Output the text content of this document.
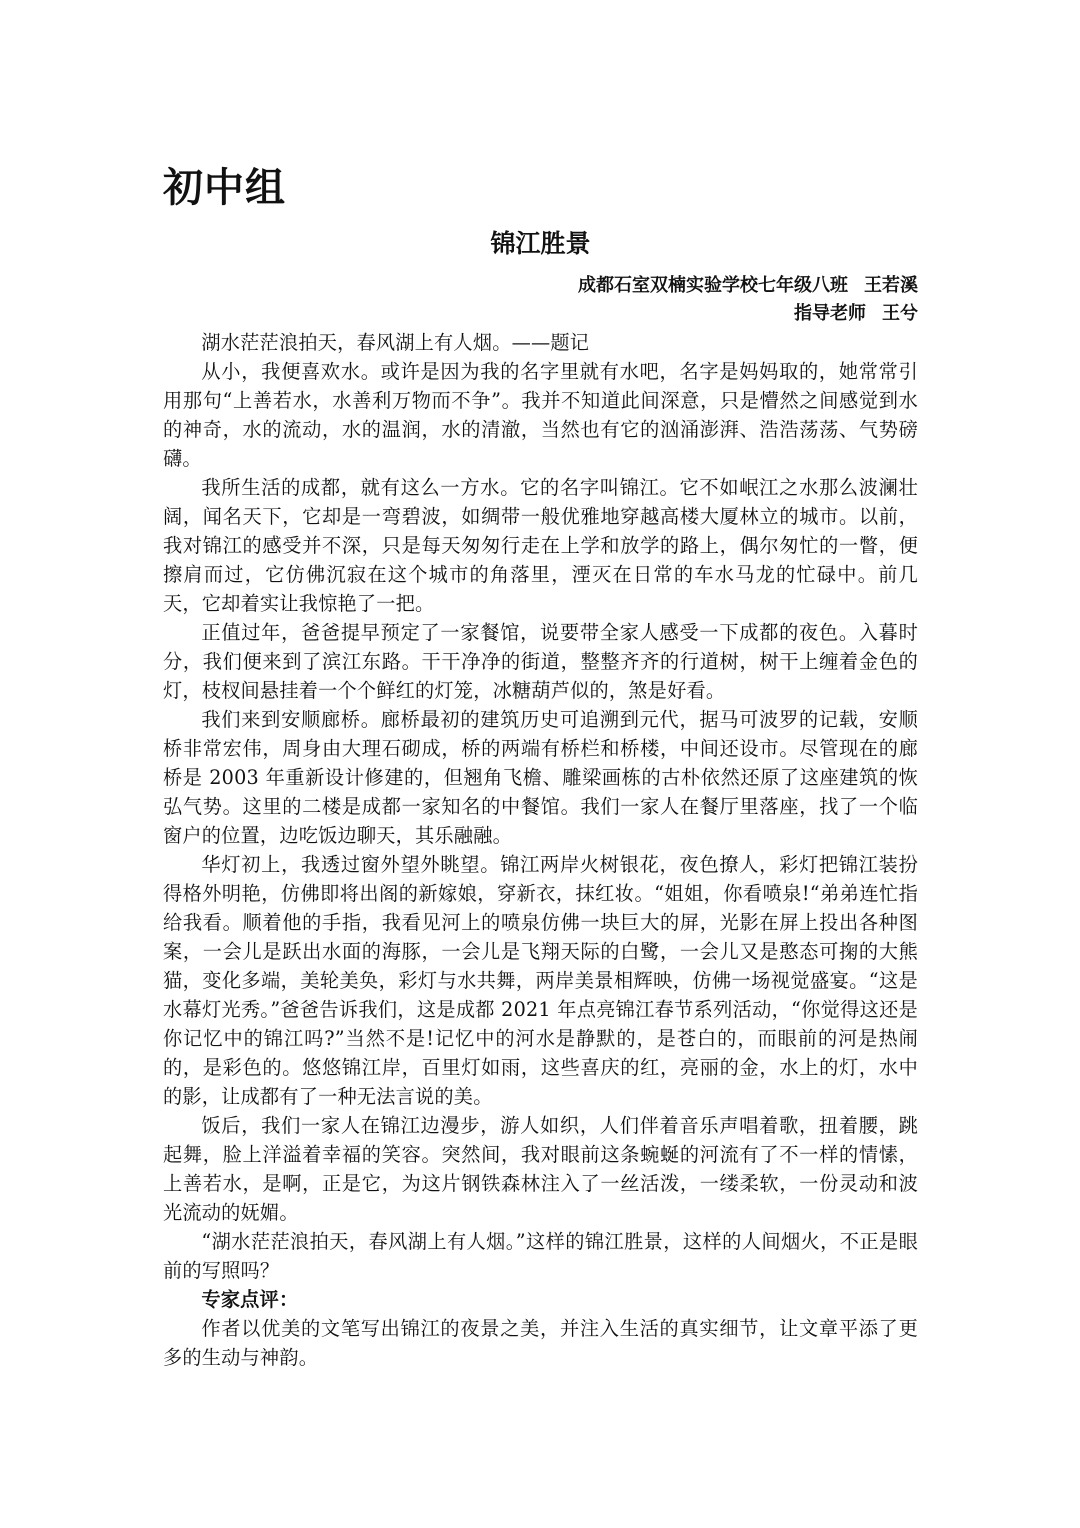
初中组
锦江胜景
成都石室双楠实验学校七年级八班 王若溪
指导老师 王兮

湖水茫茫浪拍天，春风湖上有人烟。——题记

从小，我便喜欢水。或许是因为我的名字里就有水吧，名字是妈妈取的，她常常引用那句“上善若水，水善利万物而不争”。我并不知道此间深意，只是懵然之间感觉到水的神奇，水的流动，水的温润，水的清澈，当然也有它的汹涌澎湃、浩浩荡荡、气势磅礴。

我所生活的成都，就有这么一方水。它的名字叫锦江。它不如岷江之水那么波澜壮阔，闻名天下，它却是一弯碧波，如绸带一般优雅地穿越高楼大厦林立的城市。以前，我对锦江的感受并不深，只是每天匆匆行走在上学和放学的路上，偶尔匆忙的一瞥，便擦肩而过，它仿佛沉寂在这个城市的角落里，湮灭在日常的车水马龙的忙碌中。前几天，它却着实让我惊艳了一把。

正值过年，爸爸提早预定了一家餐馆，说要带全家人感受一下成都的夜色。入暮时分，我们便来到了滨江东路。干干净净的街道，整整齐齐的行道树，树干上缠着金色的灯，枝杈间悬挂着一个个鲜红的灯笼，冰糖葫芦似的，煞是好看。

我们来到安顺廊桥。廊桥最初的建筑历史可追溯到元代，据马可波罗的记载，安顺桥非常宏伟，周身由大理石砌成，桥的两端有桥栏和桥楼，中间还设市。尽管现在的廊桥是 2003 年重新设计修建的，但翘角飞檐、雕梁画栋的古朴依然还原了这座建筑的恢弘气势。这里的二楼是成都一家知名的中餐馆。我们一家人在餐厅里落座，找了一个临窗户的位置，边吃饭边聊天，其乐融融。

华灯初上，我透过窗外望外眺望。锦江两岸火树银花，夜色撩人，彩灯把锦江装扮得格外明艳，仿佛即将出阁的新嫁娘，穿新衣，抹红妆。“姐姐，你看喷泉!“弟弟连忙指给我看。顺着他的手指，我看见河上的喷泉仿佛一块巨大的屏，光影在屏上投出各种图案，一会儿是跃出水面的海豚，一会儿是飞翔天际的白鹭，一会儿又是憨态可掬的大熊猫，变化多端，美轮美奂，彩灯与水共舞，两岸美景相辉映，仿佛一场视觉盛宴。“这是水幕灯光秀。”爸爸告诉我们，这是成都 2021 年点亮锦江春节系列活动，“你觉得这还是你记忆中的锦江吗?”当然不是!记忆中的河水是静默的，是苍白的，而眼前的河是热闹的，是彩色的。悠悠锦江岸，百里灯如雨，这些喜庆的红，亮丽的金，水上的灯，水中的影，让成都有了一种无法言说的美。

饭后，我们一家人在锦江边漫步，游人如织，人们伴着音乐声唱着歌，扭着腰，跳起舞，脸上洋溢着幸福的笑容。突然间，我对眼前这条蜿蜒的河流有了不一样的情愫，上善若水，是啊，正是它，为这片钢铁森林注入了一丝活泼，一缕柔软，一份灵动和波光流动的妩媚。

“湖水茫茫浪拍天，春风湖上有人烟。”这样的锦江胜景，这样的人间烟火，不正是眼前的写照吗？

专家点评：

作者以优美的文笔写出锦江的夜景之美，并注入生活的真实细节，让文章平添了更多的生动与神韵。
